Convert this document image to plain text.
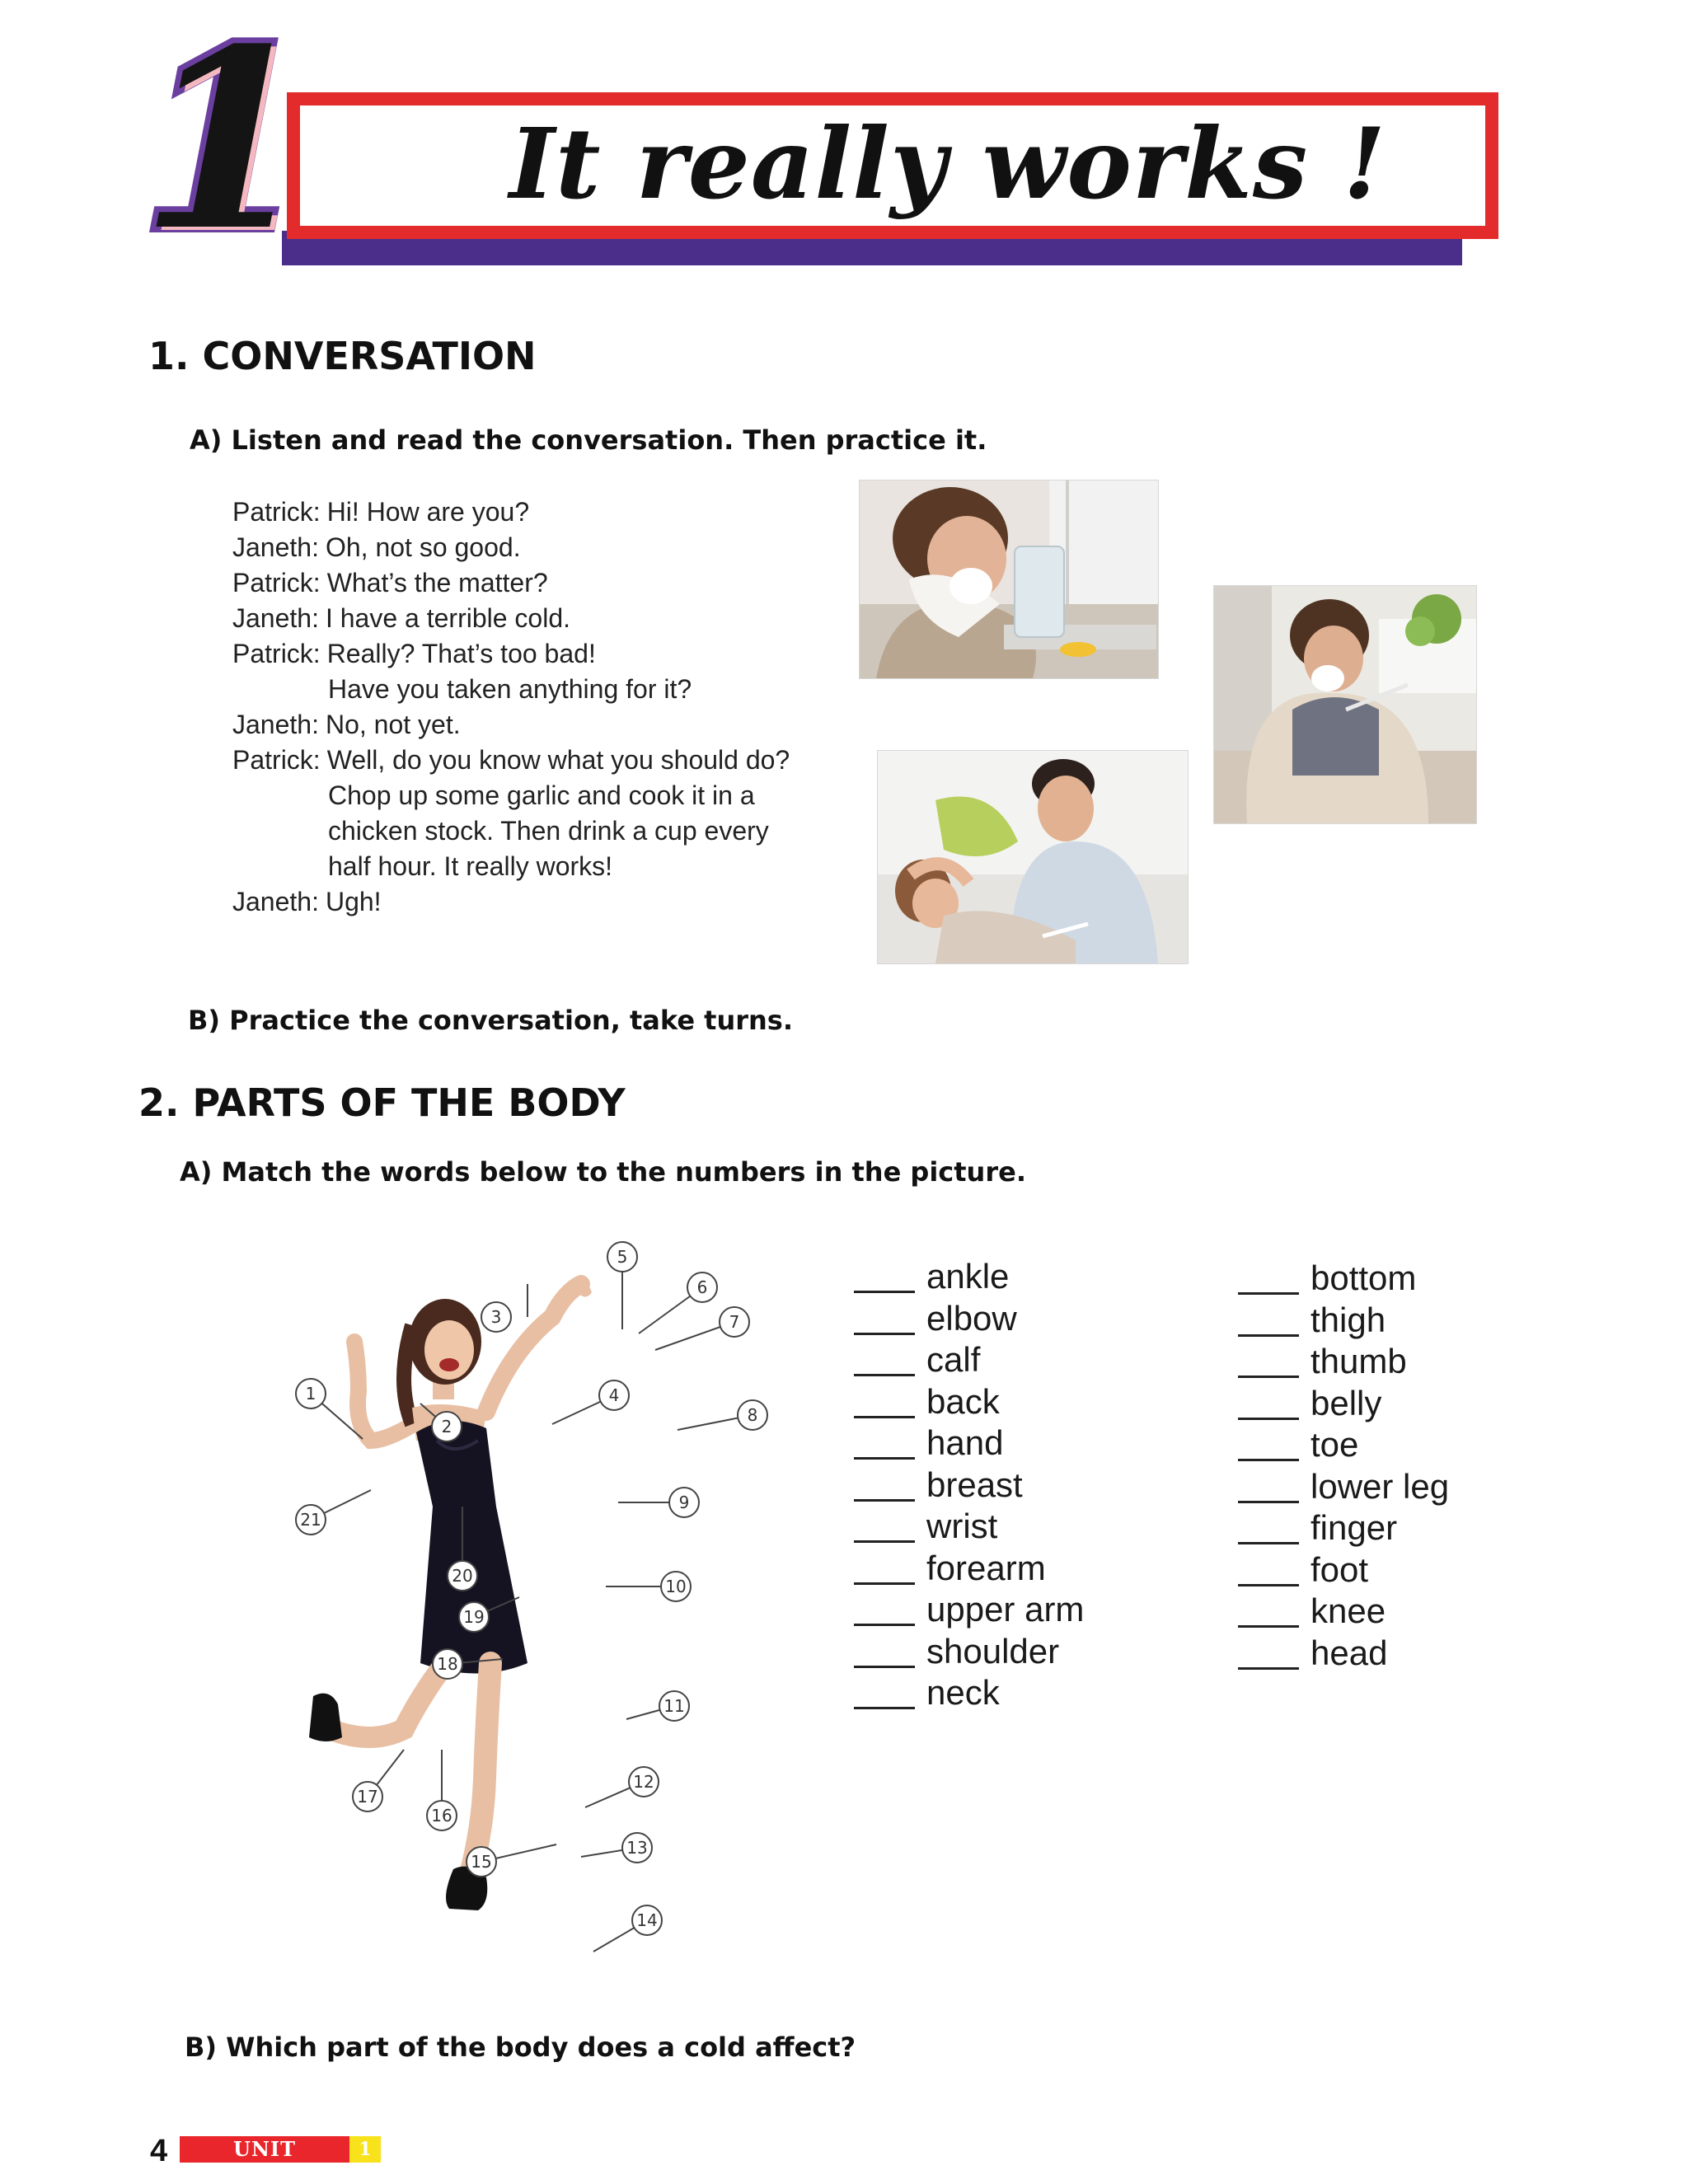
1 It really works !
1. CONVERSATION
A) Listen and read the conversation. Then practice it.
Patrick: Hi! How are you?
Janeth: Oh, not so good.
Patrick: What’s the matter?
Janeth: I have a terrible cold.
Patrick: Really? That’s too bad!
Have you taken anything for it?
Janeth: No, not yet.
Patrick: Well, do you know what you should do?
Chop up some garlic and cook it in a
chicken stock. Then drink a cup every
half hour. It really works!
Janeth: Ugh!
B) Practice the conversation, take turns.
2. PARTS OF THE BODY
A) Match the words below to the numbers in the picture.
1
2
3
4
5
6
7
8
9
10
11
12
13
14
15
16
17
18
19
20
21
ankle
elbow
calf
back
hand
breast
wrist
forearm
upper arm
shoulder
neck
bottom
thigh
thumb
belly
toe
lower leg
finger
foot
knee
head
B) Which part of the body does a cold affect?
4	UNIT	1
